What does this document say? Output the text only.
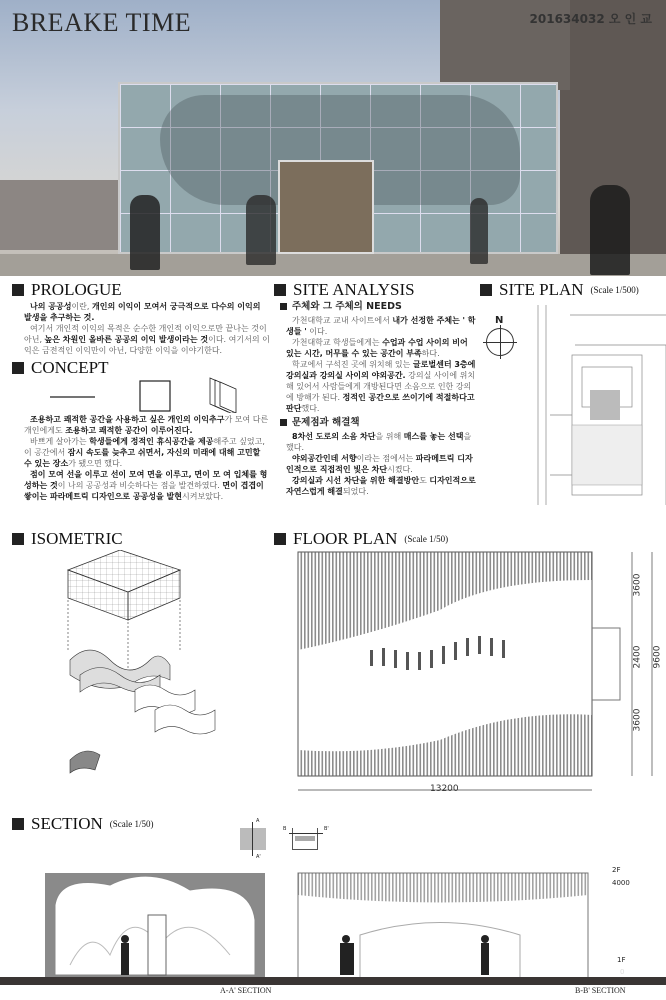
BREAKE TIME	201634032 오 인 교
PROLOGUE
나의 공공성이란, 개인의 이익이 모여서 궁극적으로 다수의 이익의 발생을 추구하는 것.
여기서 개인적 이익의 목적은 순수한 개인적 이익으로만 끝나는 것이 아닌, 높은 차원인 올바른 공공의 이익 발생이라는 것이다. 여기서의 이익은 금전적인 이익만이 아닌, 다양한 이익을 이야기한다.
CONCEPT
조용하고 쾌적한 공간을 사용하고 싶은 개인의 이익추구가 모여 다른 개인에게도 조용하고 쾌적한 공간이 이루어진다.
바쁘게 살아가는 학생들에게 정적인 휴식공간을 제공해주고 싶었고, 이 공간에서 잠시 속도를 늦추고 쉬면서, 자신의 미래에 대해 고민할 수 있는 장소가 됐으면 했다.
점이 모여 선을 이루고 선이 모여 면을 이루고, 면이 모 여 입체를 형성하는 것이 나의 공공성과 비슷하다는 점을 발견하였다. 면이 겹겹이 쌓이는 파라메트릭 디자인으로 공공성을 발현시켜보았다.
SITE ANALYSIS
주체와 그 주체의 NEEDS
가천대학교 교내 사이트에서 내가 선정한 주체는 ' 학생들 ' 이다.
가천대학교 학생들에게는 수업과 수업 사이의 비어 있는 시간, 머무를 수 있는 공간이 부족하다.
학교에서 구석진 곳에 위치해 있는 글로벌센터 3층에 강의실과 강의실 사이의 야외공간. 강의실 사이에 위치해 있어서 사람들에게 개방된다면 소음으로 인한 강의에 방해가 된다. 정적인 공간으로 쓰이기에 적절하다고 판단했다.
문제점과 해결책
8차선 도로의 소음 차단을 위해 매스를 놓는 선택을 했다.
야외공간인데 서향이라는 점에서는 파라메트릭 디자인적으로 직접적인 빛은 차단시켰다.
강의실과 시선 차단을 위한 해결방안도 디자인적으로 자연스럽게 해결되었다.
SITE PLAN (Scale 1/500)
N
ISOMETRIC	FLOOR PLAN (Scale 1/50)
3600
2400 9600
3600
13200
SECTION (Scale 1/50)	A
A'
B	B'
2F
4000
1F
0
A-A' SECTION	B-B' SECTION
